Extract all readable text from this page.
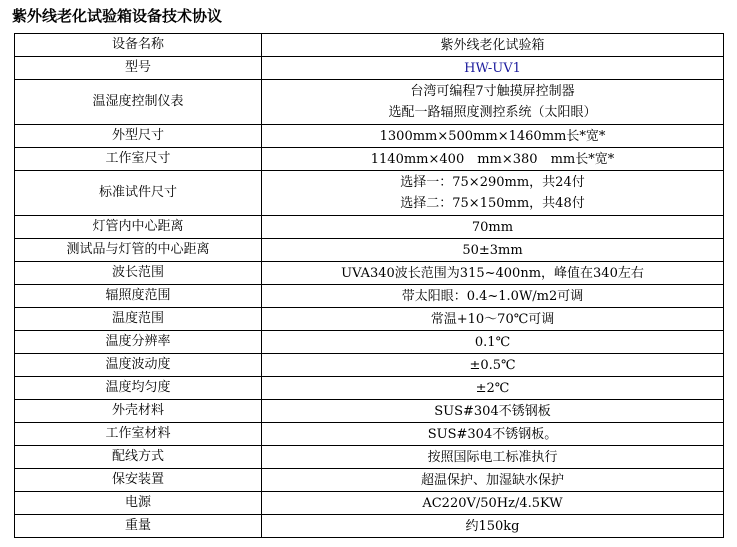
紫外线老化试验箱设备技术协议
设备名称	紫外线老化试验箱

型号	HW-UV1

温湿度控制仪表	台湾可编程7寸触摸屏控制器
选配一路辐照度测控系统（太阳眼）

外型尺寸	1300mm×500mm×1460mm长*宽*

工作室尺寸	1140mm×400　mm×380　mm长*宽*

标准试件尺寸	选择一：75×290mm，共24付
选择二：75×150mm，共48付

灯管内中心距离	70mm

测试品与灯管的中心距离	50±3mm

波长范围	UVA340波长范围为315~400nm，峰值在340左右

辐照度范围	带太阳眼：0.4~1.0W/m2可调

温度范围	常温+10～70℃可调

温度分辨率	0.1℃

温度波动度	±0.5℃

温度均匀度	±2℃

外壳材料	SUS#304不锈钢板

工作室材料	SUS#304不锈钢板。

配线方式	按照国际电工标准执行

保安装置	超温保护、加湿缺水保护

电源	AC220V/50Hz/4.5KW

重量	约150kg
